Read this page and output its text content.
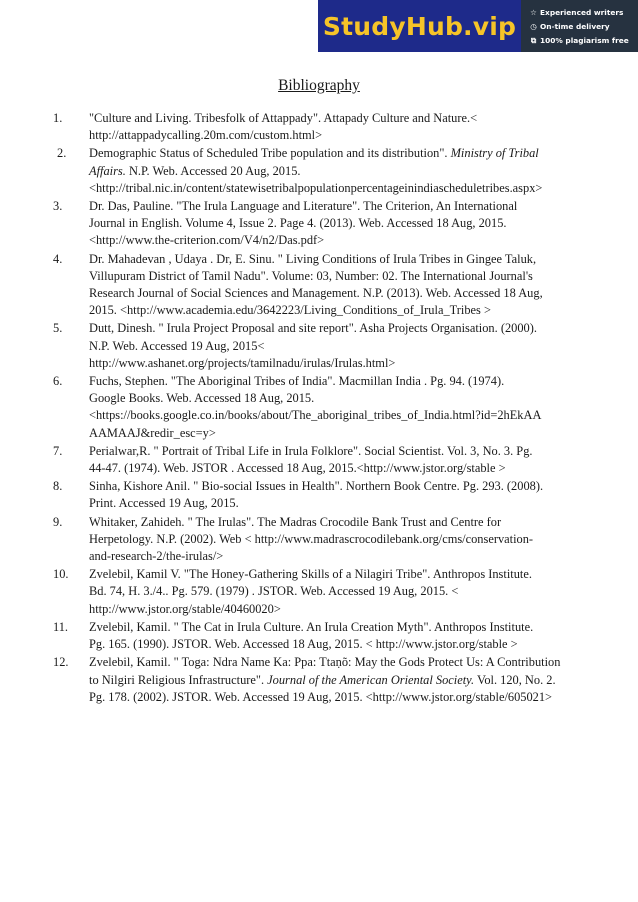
StudyHub.vip ☆ Experienced writers
◷ On-time delivery
⧉ 100% plagiarism free
Bibliography
1. "Culture and Living. Tribesfolk of Attappady". Attapady Culture and Nature.<
http://attappadycalling.20m.com/custom.html>
2. Demographic Status of Scheduled Tribe population and its distribution". Ministry of Tribal Affairs. N.P. Web. Accessed 20 Aug, 2015. <http://tribal.nic.in/content/statewisetribalpopulationpercentageinindiascheduletribes.aspx>
3. Dr. Das, Pauline. "The Irula Language and Literature". The Criterion, An International
Journal in English. Volume 4, Issue 2. Page 4. (2013). Web. Accessed 18 Aug, 2015.
<http://www.the-criterion.com/V4/n2/Das.pdf>
4. Dr. Mahadevan , Udaya . Dr, E. Sinu. " Living Conditions of Irula Tribes in Gingee Taluk,
Villupuram District of Tamil Nadu". Volume: 03, Number: 02. The International Journal's
Research Journal of Social Sciences and Management. N.P. (2013). Web. Accessed 18 Aug,
2015. <http://www.academia.edu/3642223/Living_Conditions_of_Irula_Tribes >
5. Dutt, Dinesh. " Irula Project Proposal and site report". Asha Projects Organisation. (2000).
N.P. Web. Accessed 19 Aug, 2015<
http://www.ashanet.org/projects/tamilnadu/irulas/Irulas.html>
6. Fuchs, Stephen. "The Aboriginal Tribes of India". Macmillan India . Pg. 94. (1974).
Google Books. Web. Accessed 18 Aug, 2015.
<https://books.google.co.in/books/about/The_aboriginal_tribes_of_India.html?id=2hEkAA
AAMAAJ&redir_esc=y>
7. Perialwar,R. " Portrait of Tribal Life in Irula Folklore". Social Scientist. Vol. 3, No. 3. Pg.
44-47. (1974). Web. JSTOR . Accessed 18 Aug, 2015.<http://www.jstor.org/stable >
8. Sinha, Kishore Anil. " Bio-social Issues in Health". Northern Book Centre. Pg. 293. (2008).
Print. Accessed 19 Aug, 2015.
9. Whitaker, Zahideh. " The Irulas". The Madras Crocodile Bank Trust and Centre for
Herpetology. N.P. (2002). Web < http://www.madrascrocodilebank.org/cms/conservation-
and-research-2/the-irulas/>
10. Zvelebil, Kamil V. "The Honey-Gathering Skills of a Nilagiri Tribe". Anthropos Institute.
Bd. 74, H. 3./4.. Pg. 579. (1979) . JSTOR. Web. Accessed 19 Aug, 2015. <
http://www.jstor.org/stable/40460020>
11. Zvelebil, Kamil. " The Cat in Irula Culture. An Irula Creation Myth". Anthropos Institute.
Pg. 165. (1990). JSTOR. Web. Accessed 18 Aug, 2015. < http://www.jstor.org/stable >
12. Zvelebil, Kamil. " Toga: Ndra Name Ka: Ppa: Ttaṇõ: May the Gods Protect Us: A Contribution to Nilgiri Religious Infrastructure". Journal of the American Oriental Society. Vol. 120, No. 2. Pg. 178. (2002). JSTOR. Web. Accessed 19 Aug, 2015. <http://www.jstor.org/stable/605021>
